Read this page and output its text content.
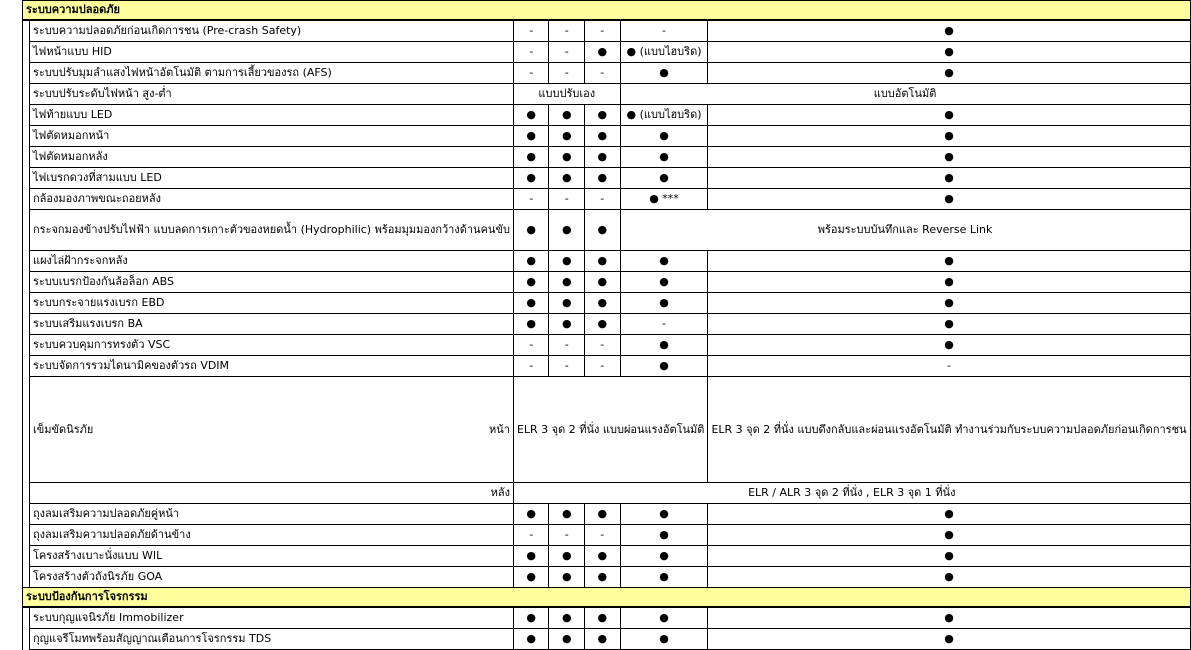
ระบบความปลอดภัย						
	ระบบความปลอดภัยก่อนเกิดการชน (Pre-crash Safety)	-	-	-	-	●
	ไฟหน้าแบบ HID	-	-	●	● (แบบไฮบริด)	●
	ระบบปรับมุมลำแสงไฟหน้าอัตโนมัติ ตามการเลี้ยวของรถ (AFS)	-	-	-	●	●
	ระบบปรับระดับไฟหน้า สูง-ต่ำ	แบบปรับเอง			แบบอัตโนมัติ	
	ไฟท้ายแบบ LED	●	●	●	● (แบบไฮบริด)	●
	ไฟตัดหมอกหน้า	●	●	●	●	●
	ไฟตัดหมอกหลัง	●	●	●	●	●
	ไฟเบรกดวงที่สามแบบ LED	●	●	●	●	●
	กล้องมองภาพขณะถอยหลัง	-	-	-	● ***	●
	กระจกมองข้างปรับไฟฟ้า แบบลดการเกาะตัวของหยดน้ำ (Hydrophilic) พร้อมมุมมองกว้างด้านคนขับ	●	●	●	พร้อมระบบบันทึกและ Reverse Link	
	แผงไล่ฝ้ากระจกหลัง	●	●	●	●	●
	ระบบเบรกป้องกันล้อล็อก ABS	●	●	●	●	●
	ระบบกระจายแรงเบรก EBD	●	●	●	●	●
	ระบบเสริมแรงเบรก BA	●	●	●	-	●
	ระบบควบคุมการทรงตัว VSC	-	-	-	●	●
	ระบบจัดการรวมไดนามิคของตัวรถ VDIM	-	-	-	●	-

	เข็มขัดนิรภัย หน้า	ELR 3 จุด 2 ที่นั่ง แบบผ่อนแรงอัตโนมัติ				ELR 3 จุด 2 ที่นั่ง แบบดึงกลับและผ่อนแรงอัตโนมัติ ทำงานร่วมกับระบบความปลอดภัยก่อนเกิดการชน
	หลัง	ELR / ALR 3 จุด 2 ที่นั่ง , ELR 3 จุด 1 ที่นั่ง				
	ถุงลมเสริมความปลอดภัยคู่หน้า	●	●	●	●	●
	ถุงลมเสริมความปลอดภัยด้านข้าง	-	-	-	●	●
	โครงสร้างเบาะนั่งแบบ WIL	●	●	●	●	●
	โครงสร้างตัวถังนิรภัย GOA	●	●	●	●	●
ระบบป้องกันการโจรกรรม						
	ระบบกุญแจนิรภัย Immobilizer	●	●	●	●	●
	กุญแจรีโมทพร้อมสัญญาณเตือนการโจรกรรม TDS	●	●	●	●	●
